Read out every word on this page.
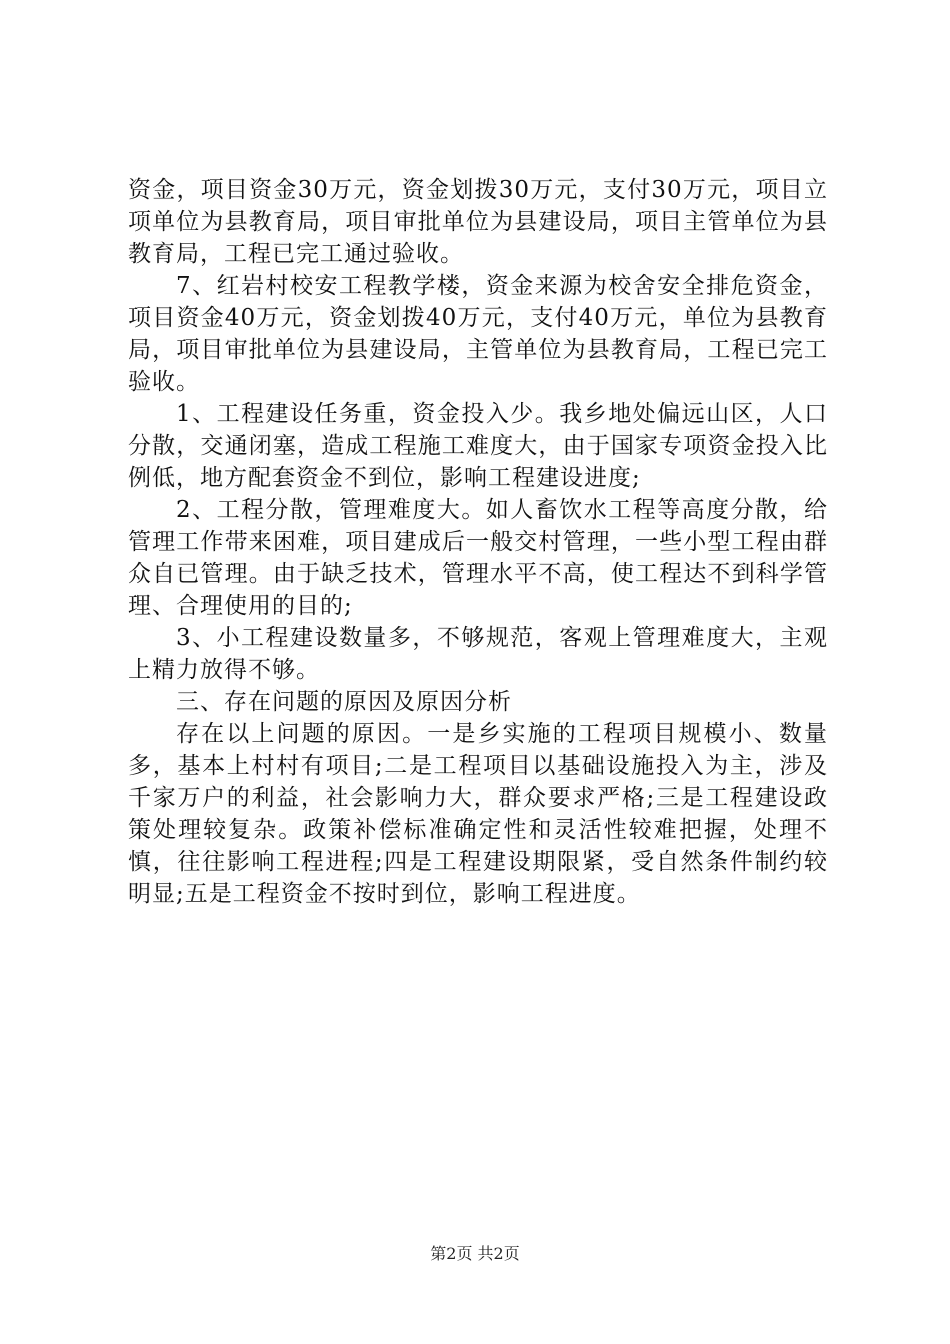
资金，项目资金30万元，资金划拨30万元，支付30万元，项目立项单位为县教育局，项目审批单位为县建设局，项目主管单位为县教育局，工程已完工通过验收。

7、红岩村校安工程教学楼，资金来源为校舍安全排危资金，项目资金40万元，资金划拨40万元，支付40万元，单位为县教育局，项目审批单位为县建设局，主管单位为县教育局，工程已完工验收。

1、工程建设任务重，资金投入少。我乡地处偏远山区，人口分散，交通闭塞，造成工程施工难度大，由于国家专项资金投入比例低，地方配套资金不到位，影响工程建设进度;

2、工程分散，管理难度大。如人畜饮水工程等高度分散，给管理工作带来困难，项目建成后一般交村管理，一些小型工程由群众自已管理。由于缺乏技术，管理水平不高，使工程达不到科学管理、合理使用的目的;

3、小工程建设数量多，不够规范，客观上管理难度大，主观上精力放得不够。

三、存在问题的原因及原因分析

存在以上问题的原因。一是乡实施的工程项目规模小、数量多，基本上村村有项目;二是工程项目以基础设施投入为主，涉及千家万户的利益，社会影响力大，群众要求严格;三是工程建设政策处理较复杂。政策补偿标准确定性和灵活性较难把握，处理不慎，往往影响工程进程;四是工程建设期限紧，受自然条件制约较明显;五是工程资金不按时到位，影响工程进度。

第2页 共2页
